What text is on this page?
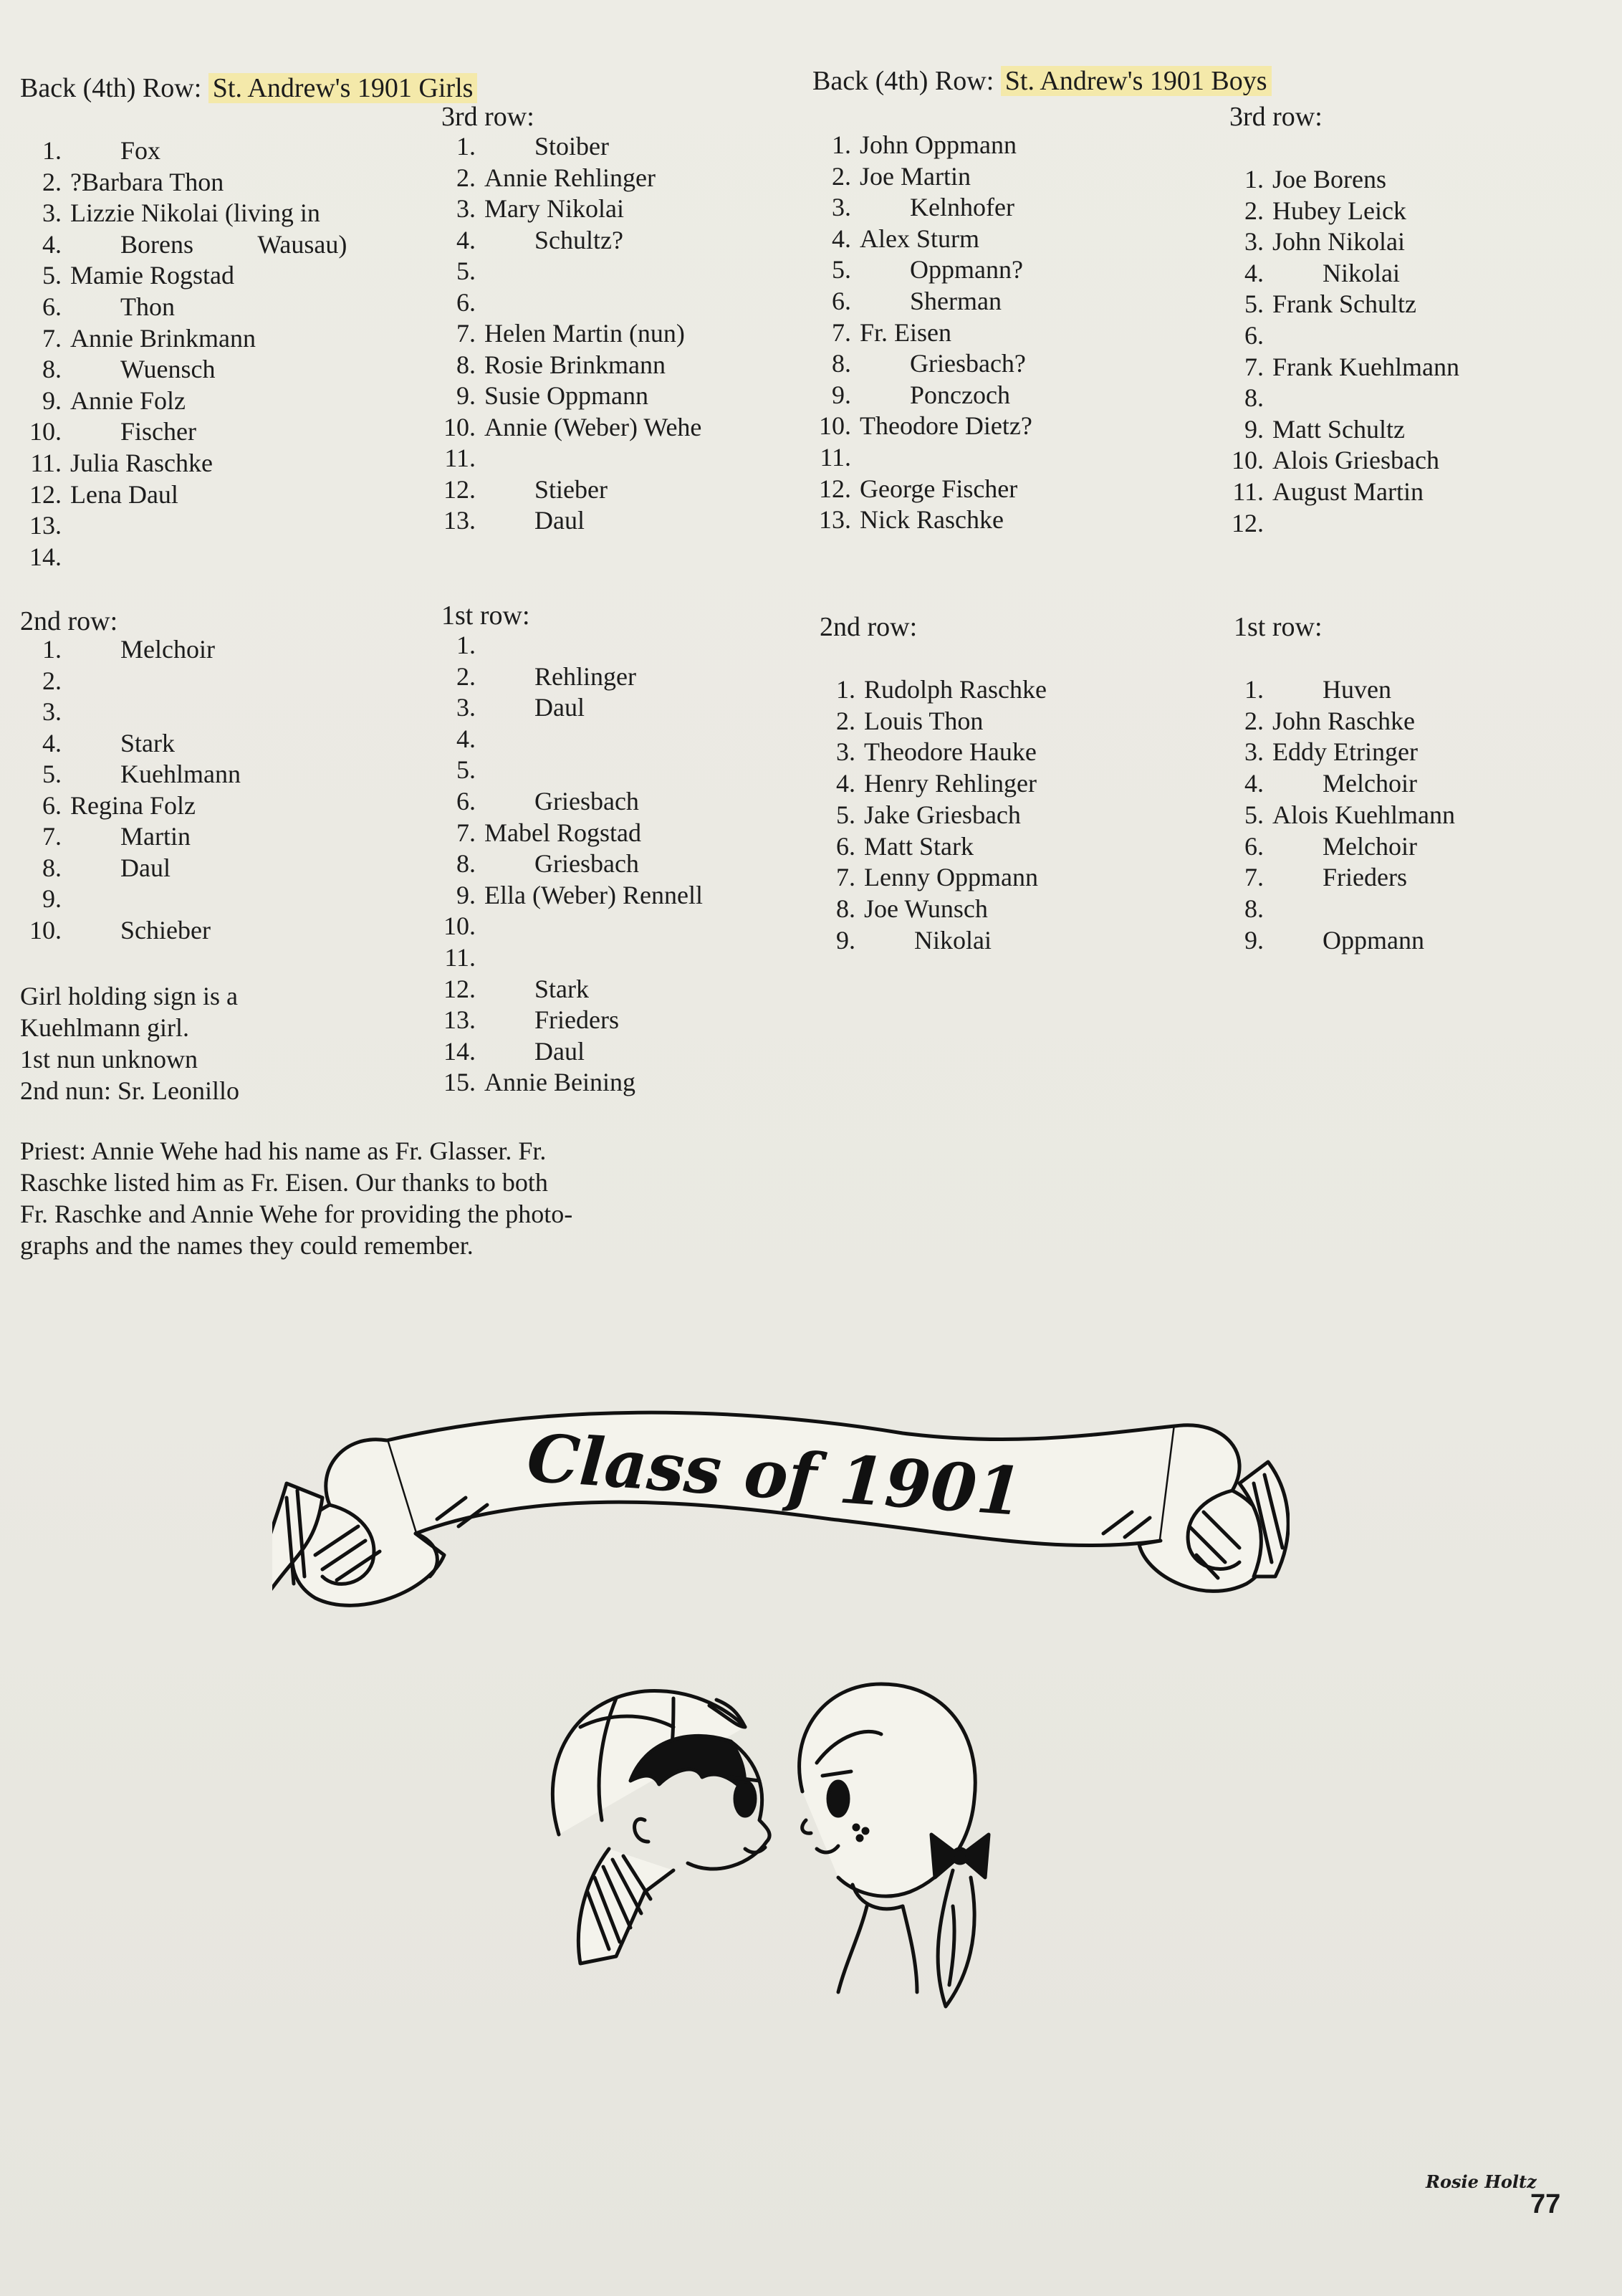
Back (4th) Row: St. Andrew's 1901 Girls
3rd row:
Back (4th) Row: St. Andrew's 1901 Boys
3rd row:
1. Fox
2. ?Barbara Thon
3. Lizzie Nikolai (living in
4. Borens          Wausau)
5. Mamie Rogstad
6. Thon
7. Annie Brinkmann
8. Wuensch
9. Annie Folz
10. Fischer
11. Julia Raschke
12. Lena Daul
13.
14.
1. Stoiber
2. Annie Rehlinger
3. Mary Nikolai
4. Schultz?
5.
6.
7. Helen Martin (nun)
8. Rosie Brinkmann
9. Susie Oppmann
10. Annie (Weber) Wehe
11.
12. Stieber
13. Daul
2nd row:
1. Melchoir
2.
3.
4. Stark
5. Kuehlmann
6. Regina Folz
7. Martin
8. Daul
9.
10. Schieber
1st row:
1.
2. Rehlinger
3. Daul
4.
5.
6. Griesbach
7. Mabel Rogstad
8. Griesbach
9. Ella (Weber) Rennell
10.
11.
12. Stark
13. Frieders
14. Daul
15. Annie Beining
1. John Oppmann
2. Joe Martin
3. Kelnhofer
4. Alex Sturm
5. Oppmann?
6. Sherman
7. Fr. Eisen
8. Griesbach?
9. Ponczoch
10. Theodore Dietz?
11.
12. George Fischer
13. Nick Raschke
1. Joe Borens
2. Hubey Leick
3. John Nikolai
4. Nikolai
5. Frank Schultz
6.
7. Frank Kuehlmann
8.
9. Matt Schultz
10. Alois Griesbach
11. August Martin
12.
2nd row:
1. Rudolph Raschke
2. Louis Thon
3. Theodore Hauke
4. Henry Rehlinger
5. Jake Griesbach
6. Matt Stark
7. Lenny Oppmann
8. Joe Wunsch
9. Nikolai
1st row:
1. Huven
2. John Raschke
3. Eddy Etringer
4. Melchoir
5. Alois Kuehlmann
6. Melchoir
7. Frieders
8.
9. Oppmann
Girl holding sign is a
Kuehlmann girl.
1st nun unknown
2nd nun: Sr. Leonillo
Priest: Annie Wehe had his name as Fr. Glasser. Fr.
Raschke listed him as Fr. Eisen. Our thanks to both
Fr. Raschke and Annie Wehe for providing the photo-
graphs and the names they could remember.
Class of 1901
Rosie Holtz
77
